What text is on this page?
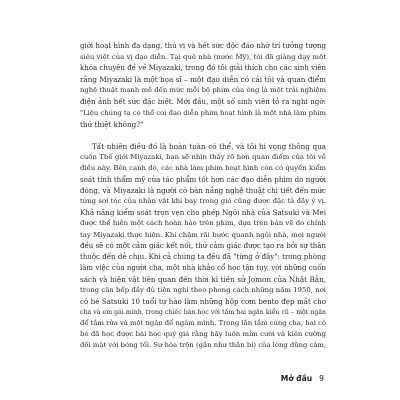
giới hoạt hình đa dạng, thú vị và hết sức độc đáo nhờ trí tưởng tượng
siêu việt của vị đạo diễn. Tại quê nhà (nước Mỹ), tôi đã giảng dạy một
khóa chuyên đề về Miyazaki, trong đó tôi giải thích cho các sinh viên
rằng Miyazaki là một họa sĩ – một đạo diễn có cái tôi và quan điểm
nghệ thuật mạnh mẽ đến mức mỗi bộ phim của ông là một trải nghiệm
điện ảnh hết sức đặc biệt. Mới đầu, một số sinh viên tỏ ra nghi ngờ:
"Liệu chúng ta có thể coi đạo diễn phim hoạt hình là một nhà làm phim
thứ thiệt không?"
Tất nhiên điều đó là hoàn toàn có thể, và tôi hi vọng thông qua
cuốn Thế giới Miyazaki, bạn sẽ nhìn thấy rõ hơn quan điểm của tôi về
điều này. Bên cạnh đó, các nhà làm phim hoạt hình còn có quyền kiểm
soát tính thẩm mỹ của tác phẩm tốt hơn các đạo diễn phim do người
đóng, và Miyazaki là người có bàn nắng nghệ thuật chi tiết đến mức
từng sợi tóc của nhân vật khi bay trong gió cũng được đặc tả đầy ý vị.
Khả năng kiểm soát trọn vẹn cho phép Ngôi nhà của Satsuki và Mei
được thể hiện một cách hoàn hảo trên phim, dựa trên bản vẽ do chính
tay Miyazaki thực hiện. Khi chậm rãi bước quanh ngôi nhà, mọi người
đều sẽ có một cảm giác kết nối, thứ cảm giác được tạo ra bởi sự thân
thuộc đến dễ chịu. Khi cả chúng ta đều đã "từng ở đây": trong phòng
làm việc của người cha, một nhà khảo cổ học tận tụy, với những cuốn
sách và hiện vật liên quan đến thời kì tiền sử Jomon của Nhật Bản,
trong căn bếp đầy đủ tiện nghi theo phong cách những năm 1950, nơi
cô bé Satsuki 10 tuổi tự hào làm những hộp cơm bento đẹp mắt cho
cha và em gái mình, trong chiếc bàn học với tấm hai ngăn kiểu cũ – một ngăn
để tắm rửa và một ngăn để ngâm mình. Trong lần tắm cùng cha, hai cô
bé đã học được bài học quý giá rằng hãy luôn mỉm cười và kiên cường
đối mặt với bóng tối. Sự hòa trộn (gần như thần bí) của lòng dũng cảm,
Mở đầu 9
